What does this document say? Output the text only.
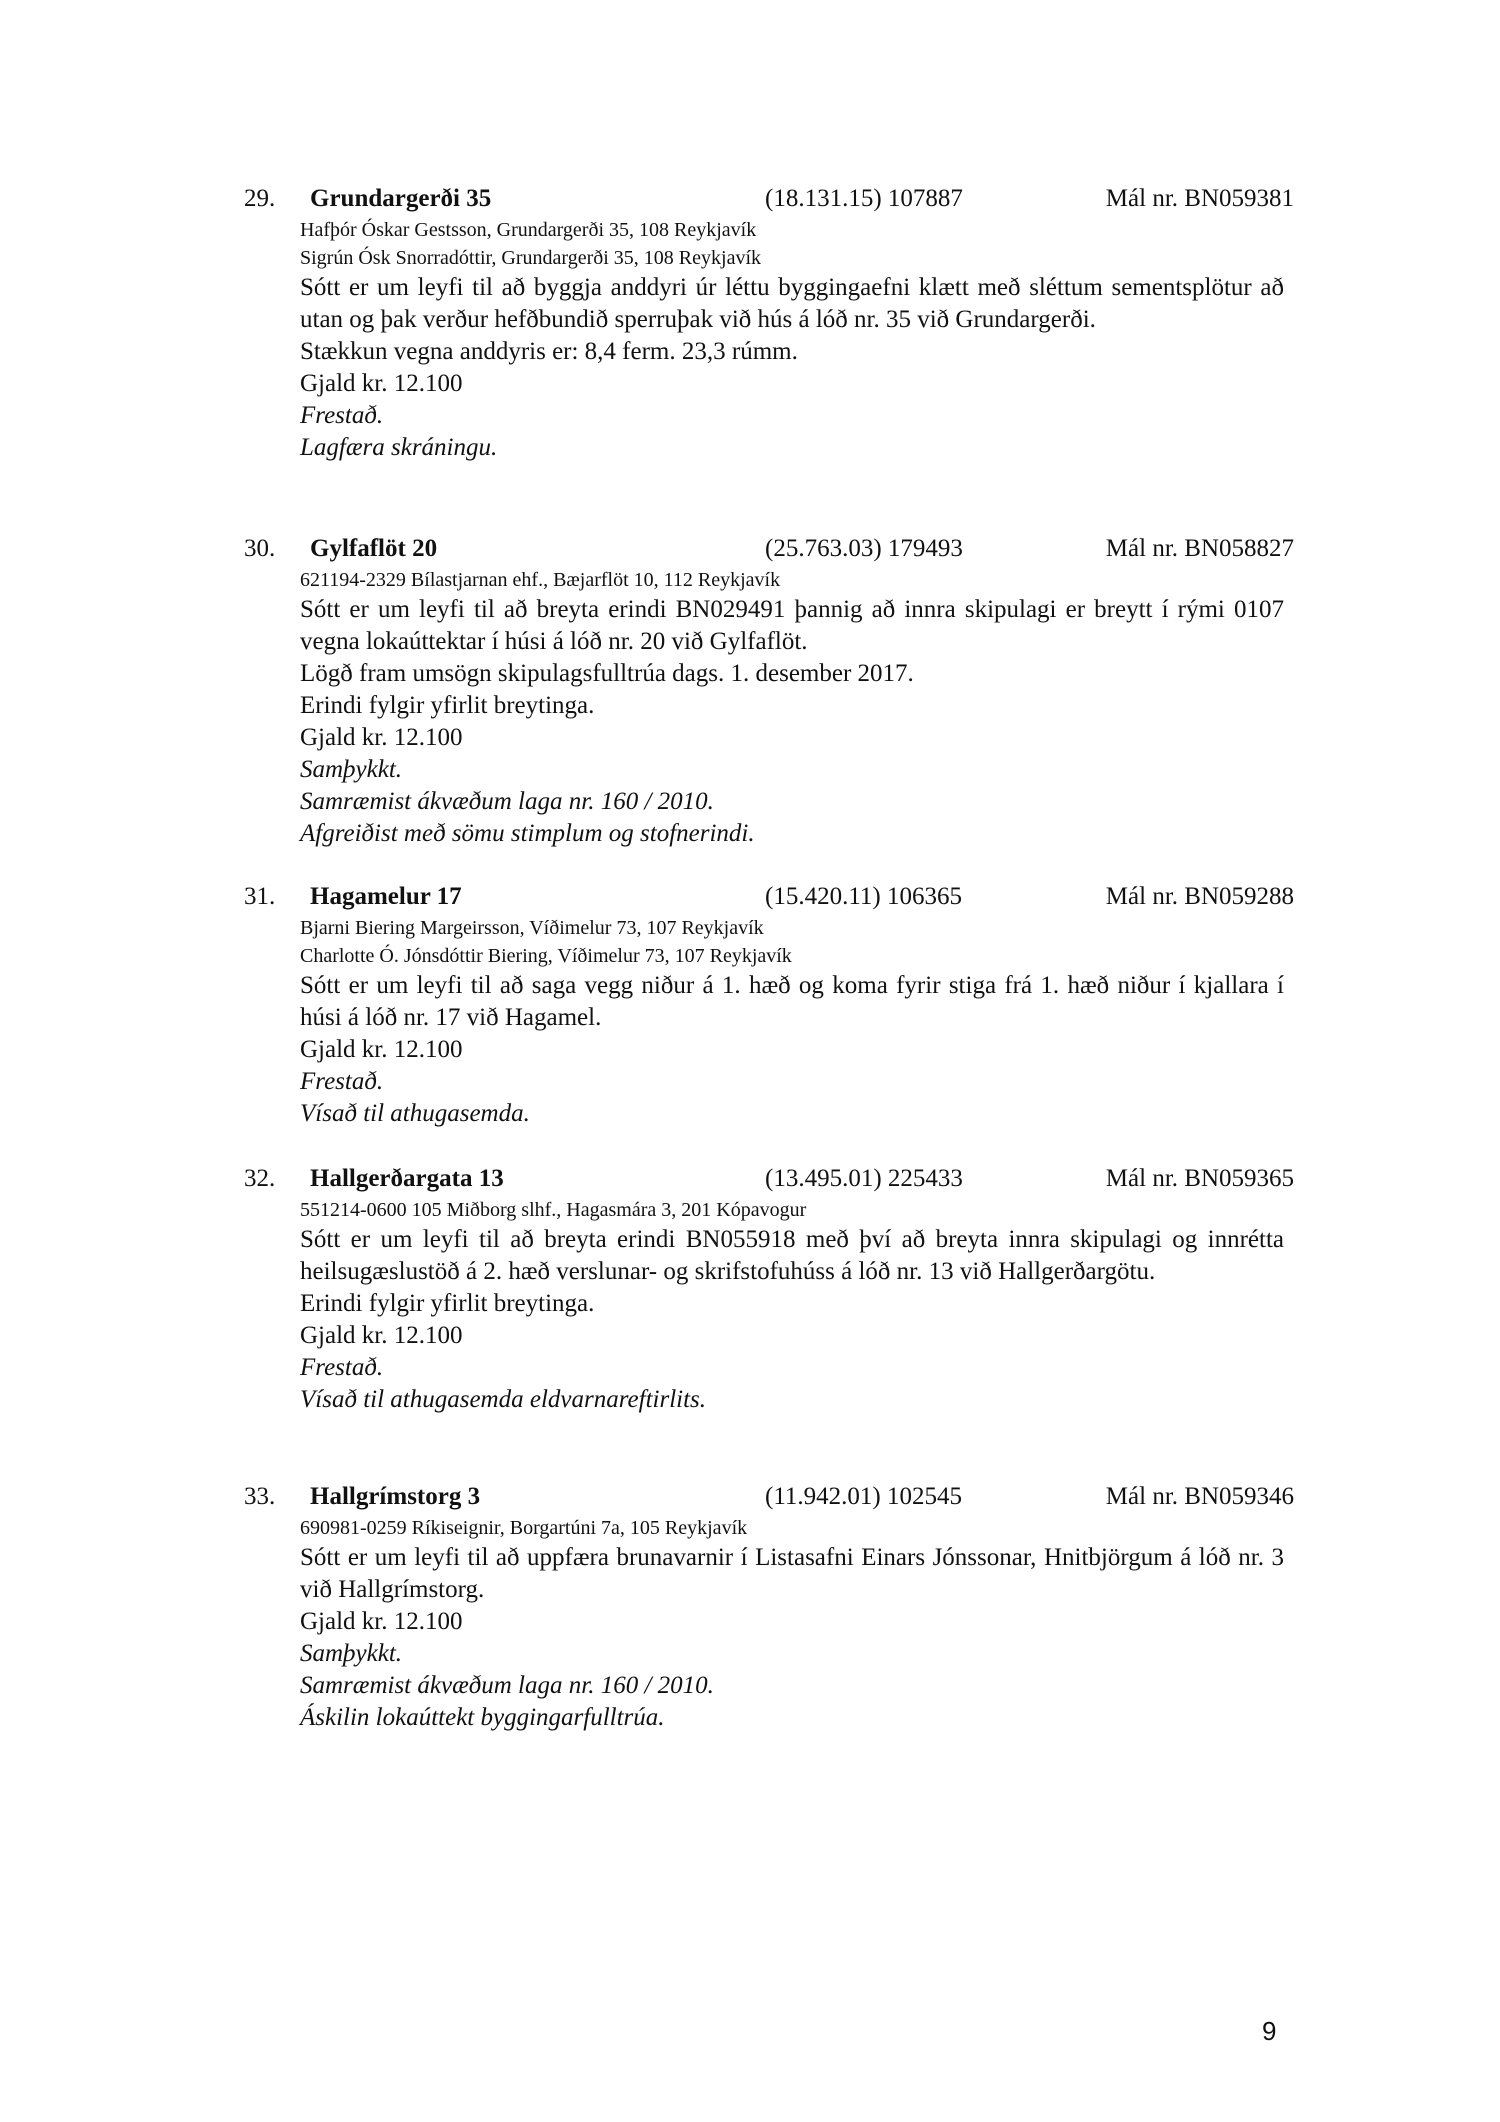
29. Grundargerði 35	(18.131.15) 107887	Mál nr. BN059381
Hafþór Óskar Gestsson, Grundargerði 35, 108 Reykjavík
Sigrún Ósk Snorradóttir, Grundargerði 35, 108 Reykjavík

Sótt er um leyfi til að byggja anddyri úr léttu byggingaefni klætt með sléttum sementsplötur að utan og þak verður hefðbundið sperruþak við hús á lóð nr. 35 við Grundargerði.

Stækkun vegna anddyris er: 8,4 ferm. 23,3 rúmm.
Gjald kr. 12.100
Frestað.
Lagfæra skráningu.
30. Gylfaflöt 20	(25.763.03) 179493	Mál nr. BN058827
621194-2329 Bílastjarnan ehf., Bæjarflöt 10, 112 Reykjavík

Sótt er um leyfi til að breyta erindi BN029491 þannig að innra skipulagi er breytt í rými 0107 vegna lokaúttektar í húsi á lóð nr. 20 við Gylfaflöt.

Lögð fram umsögn skipulagsfulltrúa dags. 1. desember 2017.
Erindi fylgir yfirlit breytinga.
Gjald kr. 12.100
Samþykkt.
Samræmist ákvæðum laga nr. 160 / 2010.
Afgreiðist með sömu stimplum og stofnerindi.
31. Hagamelur 17	(15.420.11) 106365	Mál nr. BN059288
Bjarni Biering Margeirsson, Víðimelur 73, 107 Reykjavík
Charlotte Ó. Jónsdóttir Biering, Víðimelur 73, 107 Reykjavík

Sótt er um leyfi til að saga vegg niður á 1. hæð og koma fyrir stiga frá 1. hæð niður í kjallara í húsi á lóð nr. 17 við Hagamel.

Gjald kr. 12.100
Frestað.
Vísað til athugasemda.
32. Hallgerðargata 13	(13.495.01) 225433	Mál nr. BN059365
551214-0600 105 Miðborg slhf., Hagasmára 3, 201 Kópavogur

Sótt er um leyfi til að breyta erindi BN055918 með því að breyta innra skipulagi og innrétta heilsugæslustöð á 2. hæð verslunar- og skrifstofuhúss á lóð nr. 13 við Hallgerðargötu.

Erindi fylgir yfirlit breytinga.
Gjald kr. 12.100
Frestað.
Vísað til athugasemda eldvarnareftirlits.
33. Hallgrímstorg 3	(11.942.01) 102545	Mál nr. BN059346
690981-0259 Ríkiseignir, Borgartúni 7a, 105 Reykjavík

Sótt er um leyfi til að uppfæra brunavarnir í Listasafni Einars Jónssonar, Hnitbjörgum á lóð nr. 3 við Hallgrímstorg.

Gjald kr. 12.100
Samþykkt.
Samræmist ákvæðum laga nr. 160 / 2010.
Áskilin lokaúttekt byggingarfulltrúa.
9
